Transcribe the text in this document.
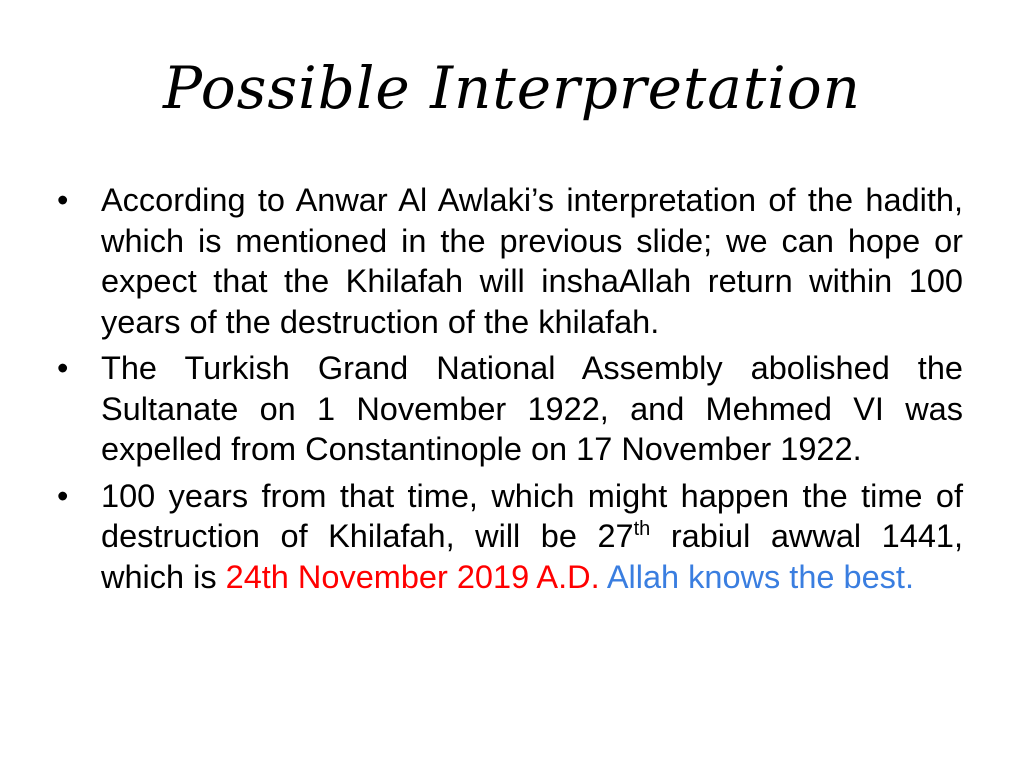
Possible Interpretation
• According to Anwar Al Awlaki’s interpretation of the hadith, which is mentioned in the previous slide; we can hope or expect that the Khilafah will inshaAllah return within 100 years of the destruction of the khilafah.
• The Turkish Grand National Assembly abolished the Sultanate on 1 November 1922, and Mehmed VI was expelled from Constantinople on 17 November 1922.
• 100 years from that time, which might happen the time of destruction of Khilafah, will be 27th rabiul awwal 1441, which is 24th November 2019 A.D. Allah knows the best.
